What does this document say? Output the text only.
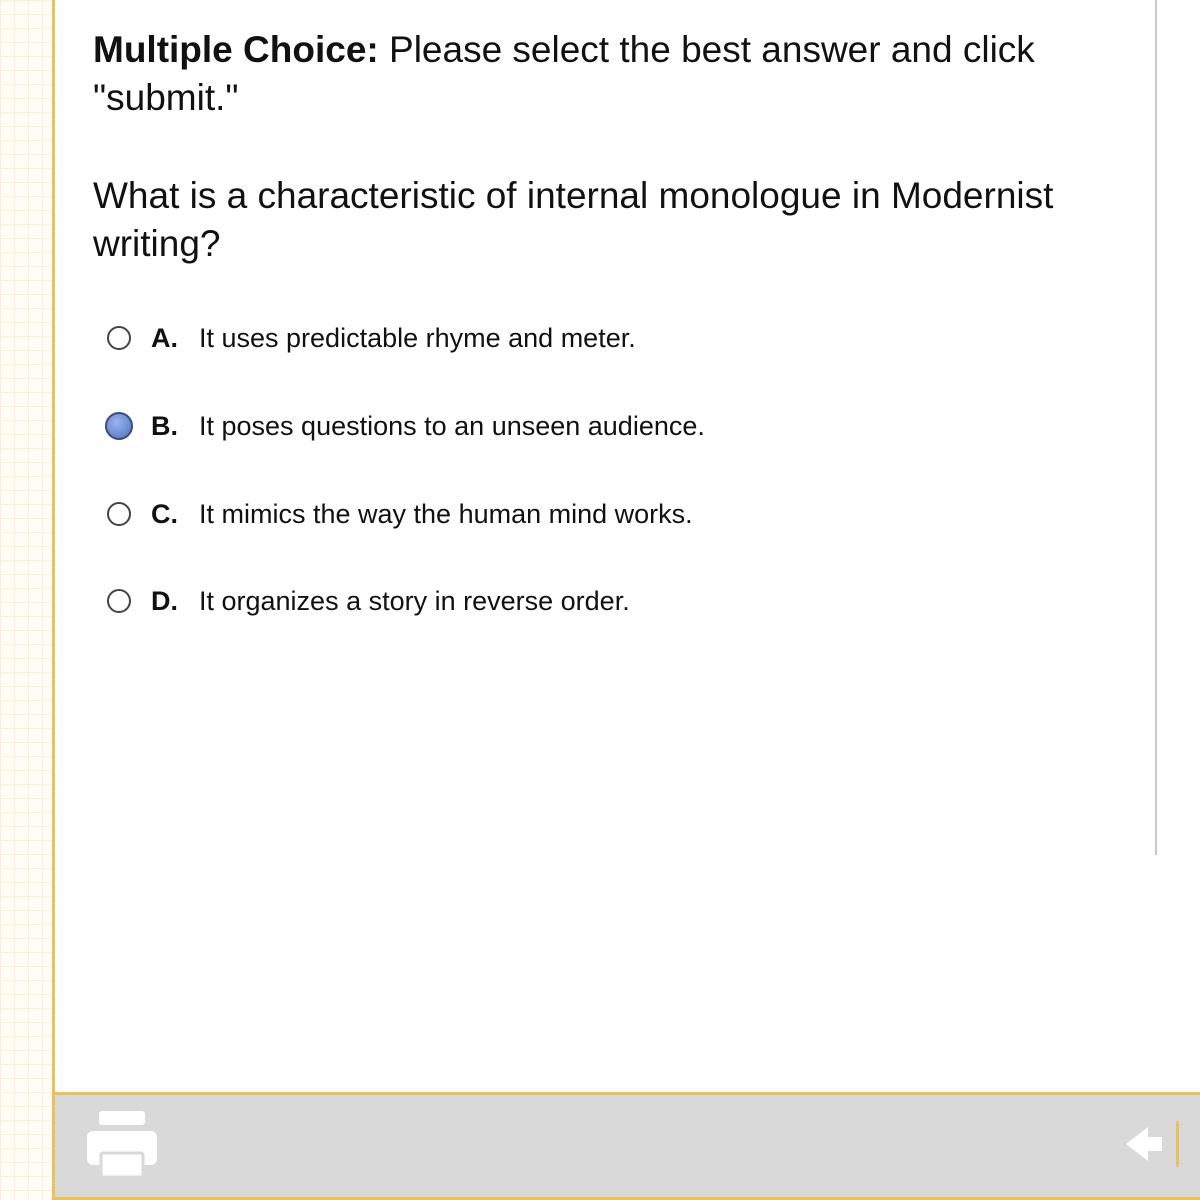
Multiple Choice: Please select the best answer and click "submit."
What is a characteristic of internal monologue in Modernist writing?
A. It uses predictable rhyme and meter.
B. It poses questions to an unseen audience.
C. It mimics the way the human mind works.
D. It organizes a story in reverse order.
